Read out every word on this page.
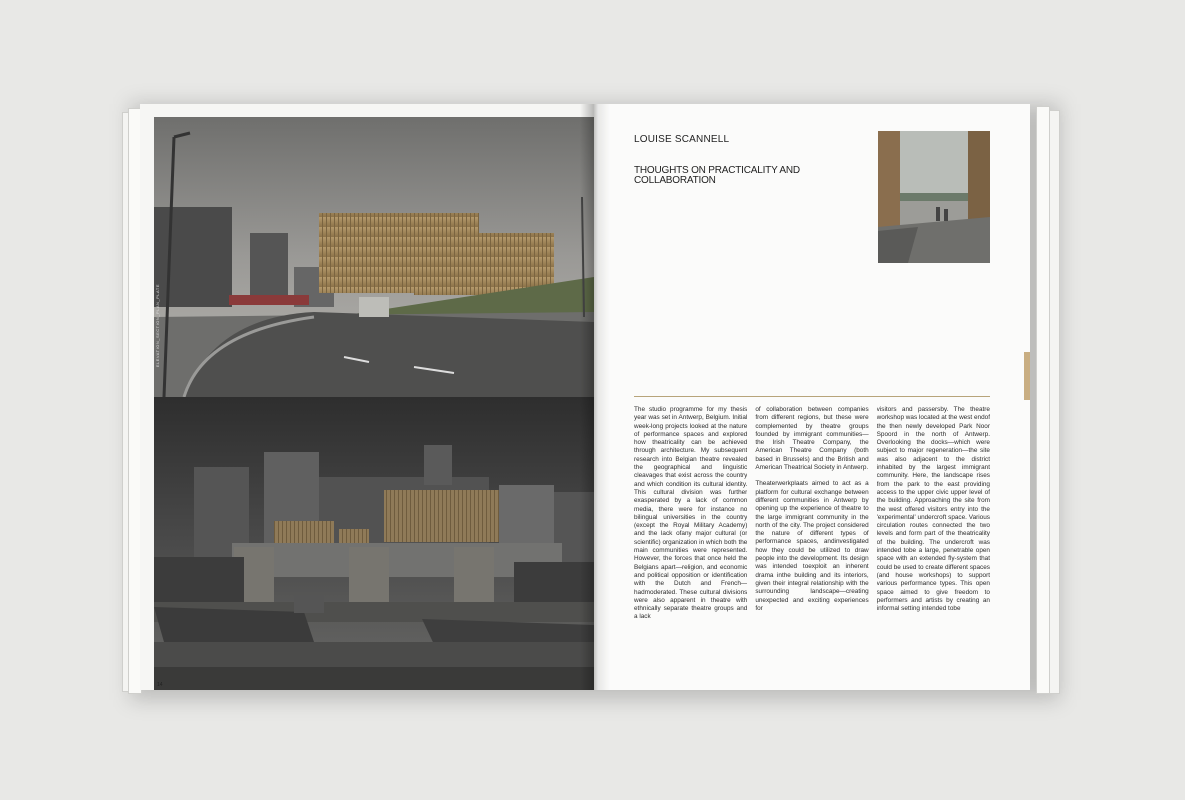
ELEVATION_SECTION_PLAN_PLATE
14
LOUISE SCANNELL
THOUGHTS ON PRACTICALITY AND COLLABORATION

The studio programme for my thesis year was set in Antwerp, Belgium. Initial week-long projects looked at the nature of performance spaces and explored how theatricality can be achieved through architecture. My subsequent research into Belgian theatre revealed the geographical and linguistic cleavages that exist across the country and which condition its cultural identity. This cultural division was further exasperated by a lack of common media, there were for instance no bilingual universities in the country (except the Royal Military Academy) and the lack ofany major cultural (or scientific) organization in which both the main communities were represented. However, the forces that once held the Belgians apart—religion, and economic and political opposition or identification with the Dutch and French—hadmoderated. These cultural divisions were also apparent in theatre with ethnically separate theatre groups and a lack

of collaboration between companies from different regions, but these were complemented by theatre groups founded by immigrant communities—the Irish Theatre Company, the American Theatre Company (both based in Brussels) and the British and American Theatrical Society in Antwerp.

Theaterwerkplaats aimed to act as a platform for cultural exchange between different communities in Antwerp by opening up the experience of theatre to the large immigrant community in the north of the city. The project considered the nature of different types of performance spaces, andinvestigated how they could be utilized to draw people into the development. Its design was intended toexploit an inherent drama inthe building and its interiors, given their integral relationship with the surrounding landscape—creating unexpected and exciting experiences for

visitors and passersby. The theatre workshop was located at the west endof the then newly developed Park Noor Spoord in the north of Antwerp. Overlooking the docks—which were subject to major regeneration—the site was also adjacent to the district inhabited by the largest immigrant community. Here, the landscape rises from the park to the east providing access to the upper civic upper level of the building. Approaching the site from the west offered visitors entry into the 'experimental' undercroft space. Various circulation routes connected the two levels and form part of the theatricality of the building. The undercroft was intended tobe a large, penetrable open space with an extended fly-system that could be used to create different spaces (and house workshops) to support various performance types. This open space aimed to give freedom to performers and artists by creating an informal setting intended tobe
